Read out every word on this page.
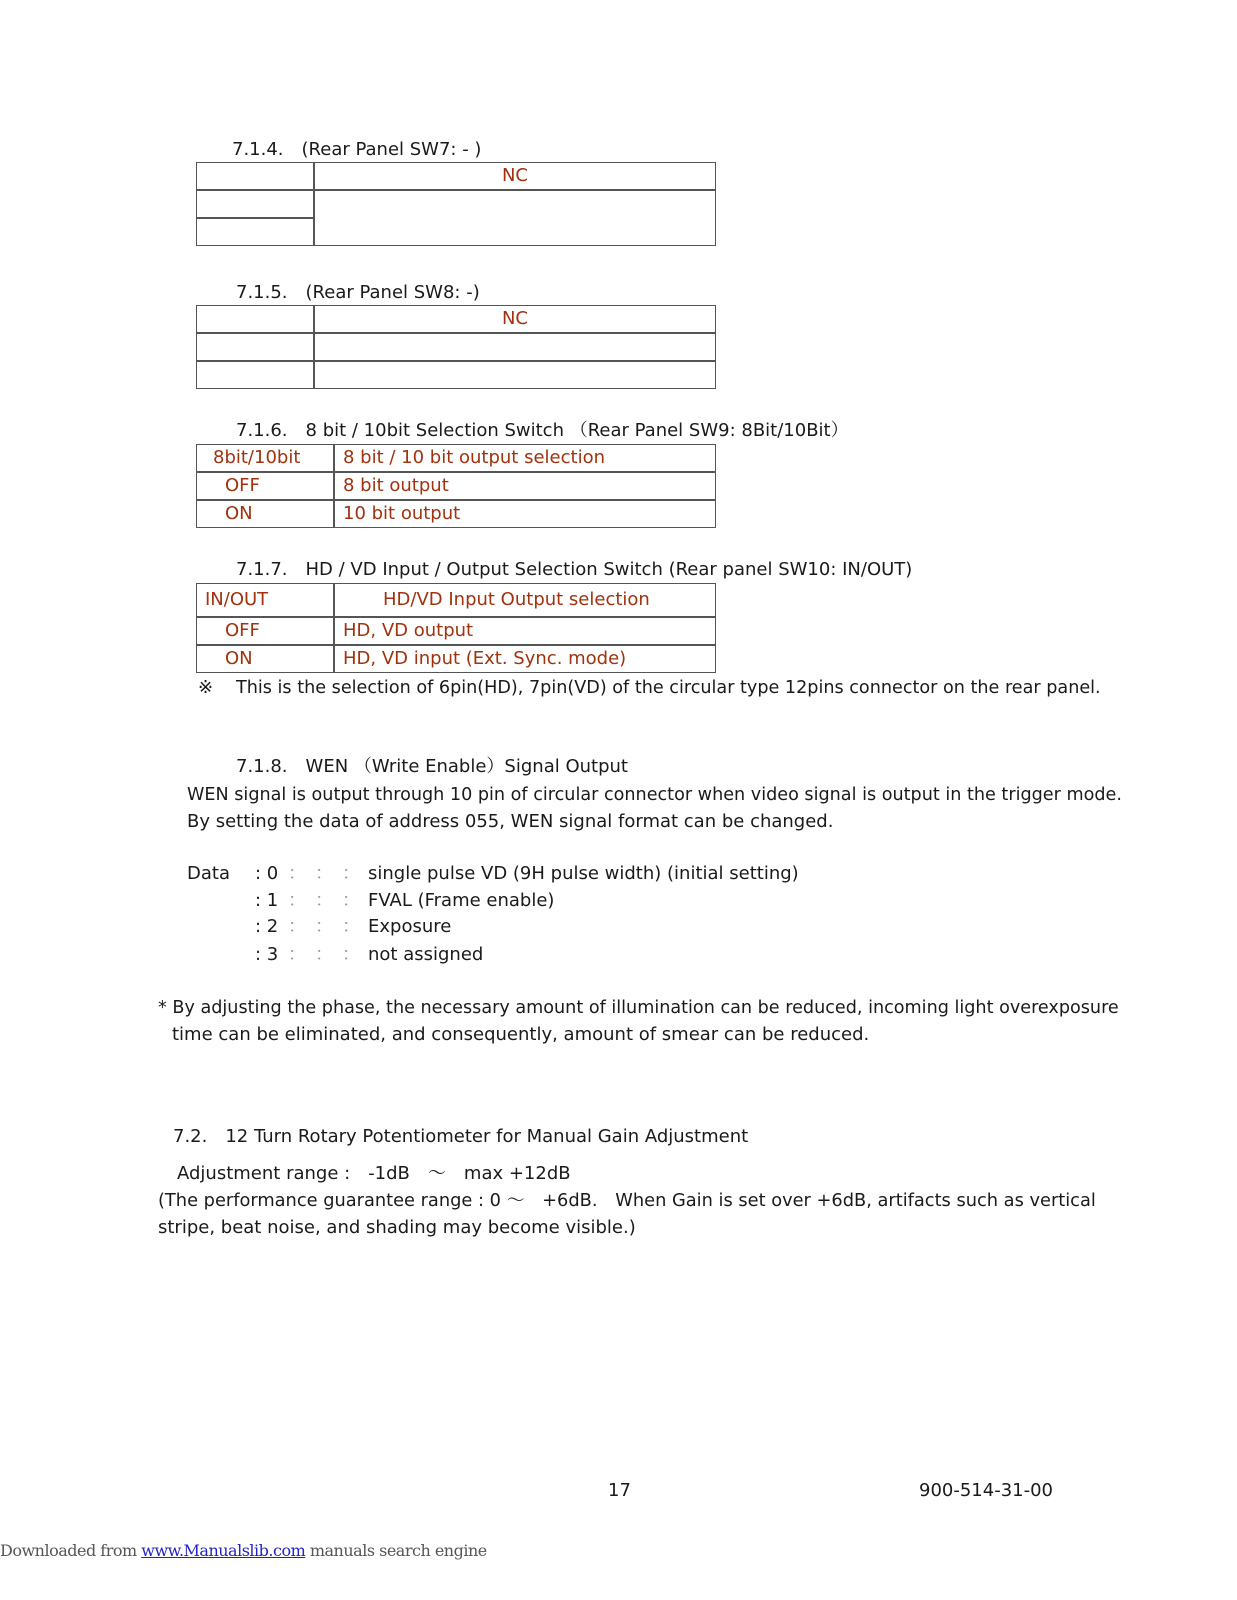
7.1.4.　(Rear Panel SW7: - )
	NC

7.1.5.　(Rear Panel SW8: -)
	NC

7.1.6.　8 bit / 10bit Selection Switch （Rear Panel SW9: 8Bit/10Bit）
8bit/10bit	8 bit / 10 bit output selection
OFF	8 bit output
ON	10 bit output
7.1.7.　HD / VD Input / Output Selection Switch (Rear panel SW10: IN/OUT)
IN/OUT	HD/VD Input Output selection
OFF	HD, VD output
ON	HD, VD input (Ext. Sync. mode)
※ This is the selection of 6pin(HD), 7pin(VD) of the circular type 12pins connector on the rear panel.
7.1.8.　WEN （Write Enable）Signal Output
WEN signal is output through 10 pin of circular connector when video signal is output in the trigger mode.
By setting the data of address 055, WEN signal format can be changed.
Data : 0 ：　：　： single pulse VD (9H pulse width) (initial setting)
: 1 ：　：　： FVAL (Frame enable)
: 2 ：　：　： Exposure
: 3 ：　：　： not assigned
* By adjusting the phase, the necessary amount of illumination can be reduced, incoming light overexposure
time can be eliminated, and consequently, amount of smear can be reduced.
7.2.　12 Turn Rotary Potentiometer for Manual Gain Adjustment
Adjustment range :　-1dB　～　max +12dB
(The performance guarantee range : 0 ～　+6dB.　When Gain is set over +6dB, artifacts such as vertical
stripe, beat noise, and shading may become visible.)
17	900-514-31-00
Downloaded from www.Manualslib.com manuals search engine
